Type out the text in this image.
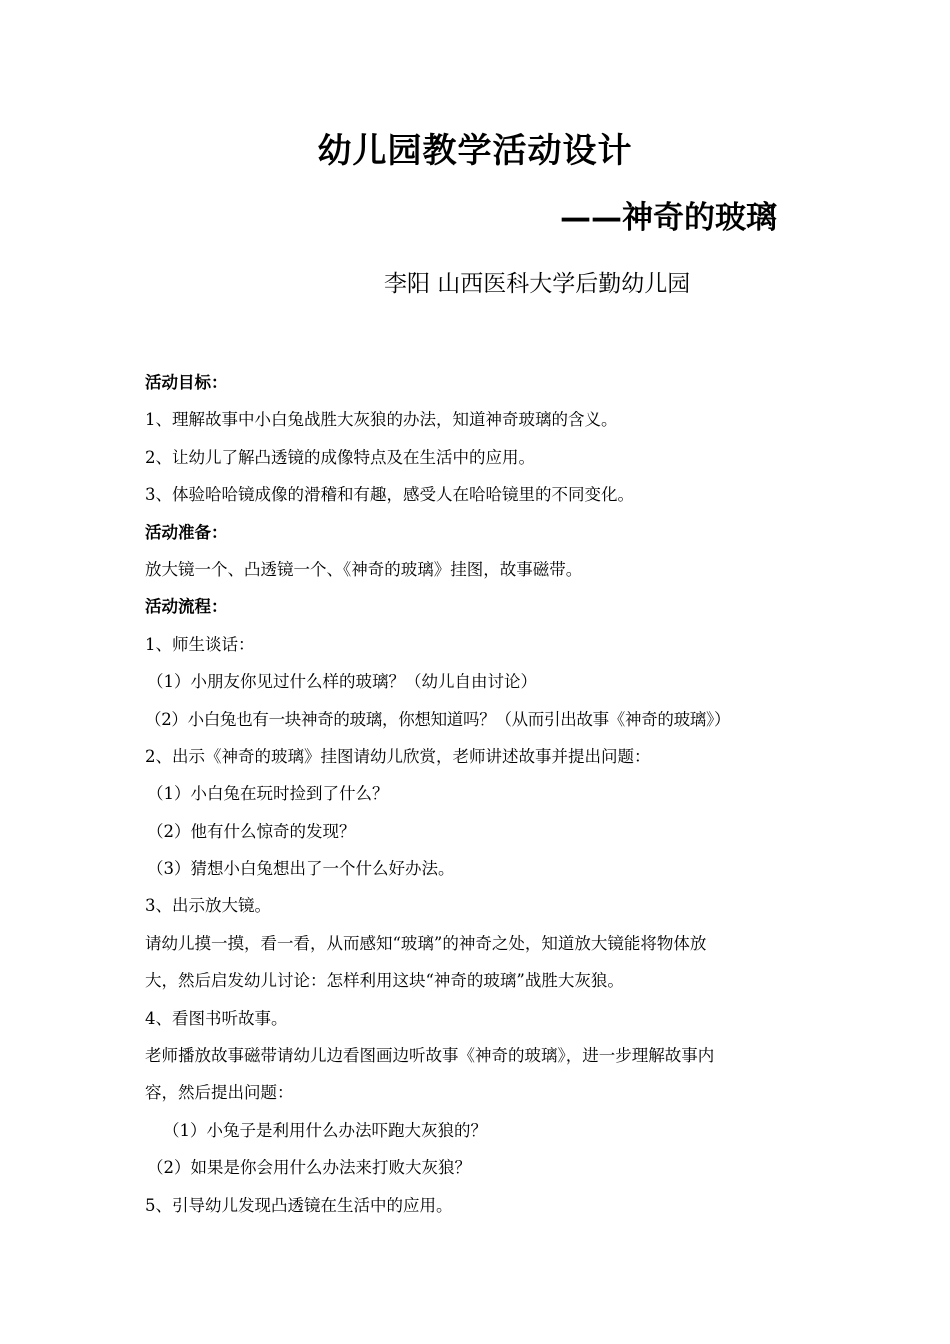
幼儿园教学活动设计
——神奇的玻璃
李阳 山西医科大学后勤幼儿园
活动目标：
1、理解故事中小白兔战胜大灰狼的办法，知道神奇玻璃的含义。
2、让幼儿了解凸透镜的成像特点及在生活中的应用。
3、体验哈哈镜成像的滑稽和有趣，感受人在哈哈镜里的不同变化。
活动准备：
放大镜一个、凸透镜一个、《神奇的玻璃》挂图，故事磁带。
活动流程：
1、师生谈话：
（1）小朋友你见过什么样的玻璃？（幼儿自由讨论）
（2）小白兔也有一块神奇的玻璃，你想知道吗？（从而引出故事《神奇的玻璃》）
2、出示《神奇的玻璃》挂图请幼儿欣赏，老师讲述故事并提出问题：
（1）小白兔在玩时捡到了什么？
（2）他有什么惊奇的发现？
（3）猜想小白兔想出了一个什么好办法。
3、出示放大镜。
请幼儿摸一摸，看一看，从而感知“玻璃”的神奇之处，知道放大镜能将物体放
大，然后启发幼儿讨论：怎样利用这块“神奇的玻璃”战胜大灰狼。
4、看图书听故事。
老师播放故事磁带请幼儿边看图画边听故事《神奇的玻璃》，进一步理解故事内
容，然后提出问题：
（1）小兔子是利用什么办法吓跑大灰狼的？
（2）如果是你会用什么办法来打败大灰狼？
5、引导幼儿发现凸透镜在生活中的应用。
